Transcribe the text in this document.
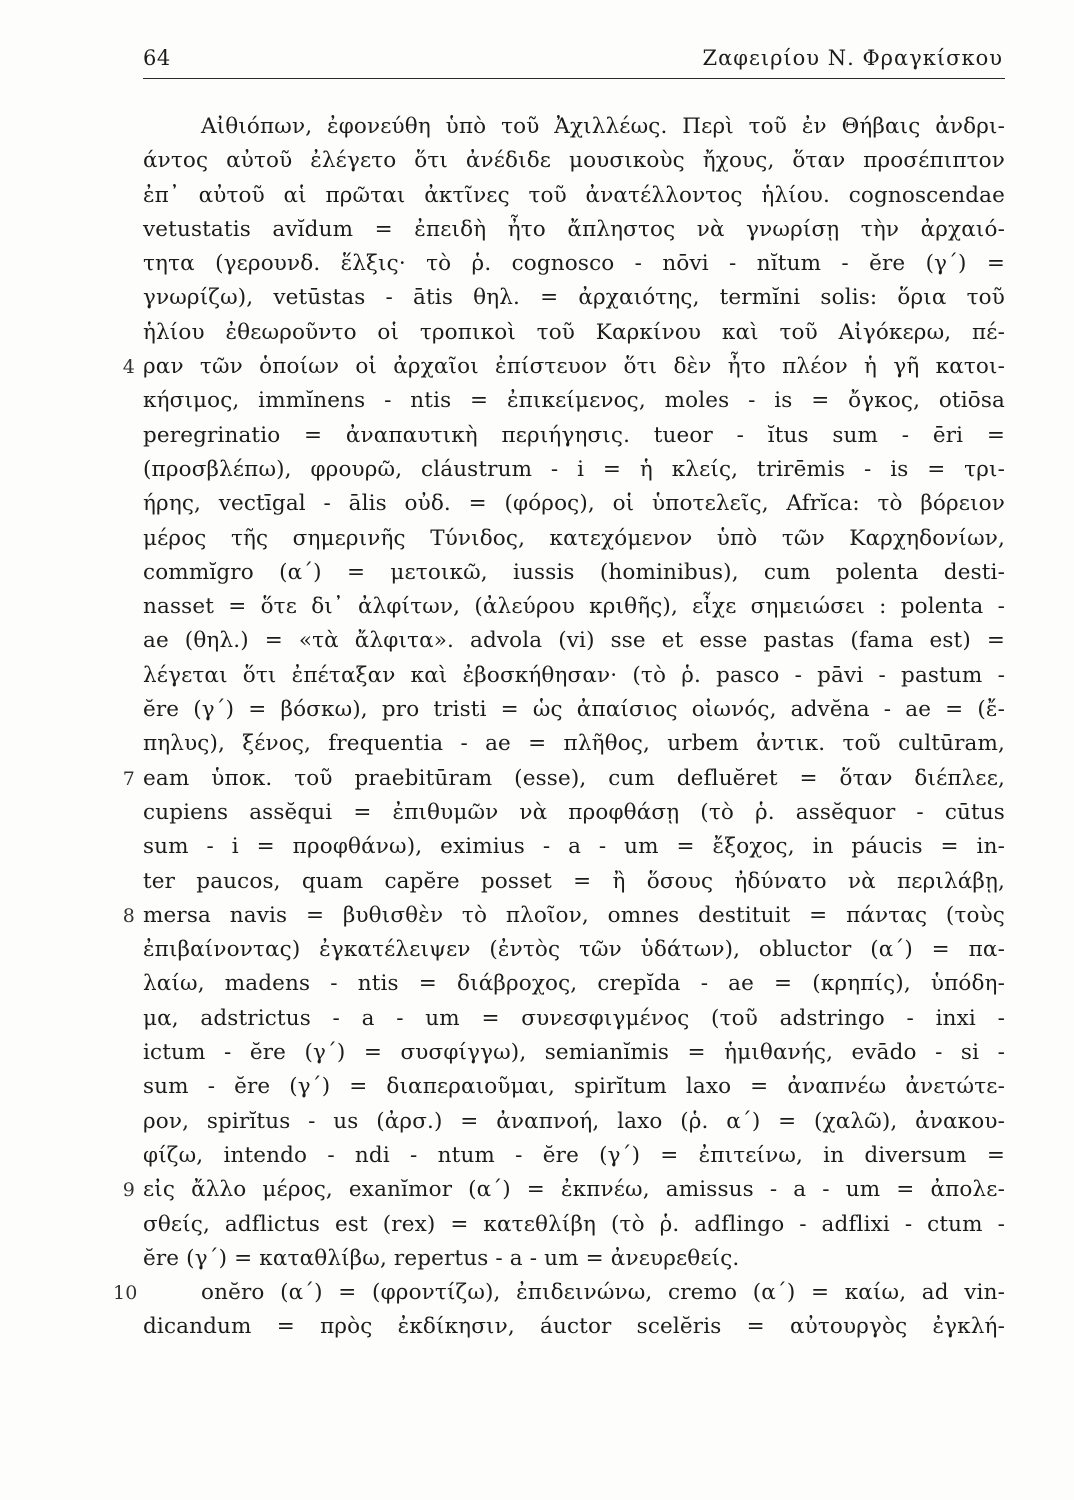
64	Ζαφειρίου Ν. Φραγκίσκου
Αἰθιόπων, ἐφονεύθη ὑπὸ τοῦ Ἀχιλλέως. Περὶ τοῦ ἐν Θήβαις ἀνδρι-
άντος αὐτοῦ ἐλέγετο ὅτι ἀνέδιδε μουσικοὺς ἤχους, ὅταν προσέπιπτον
ἐπ᾽ αὐτοῦ αἱ πρῶται ἀκτῖνες τοῦ ἀνατέλλοντος ἡλίου. cognoscendae
vetustatis avĭdum = ἐπειδὴ ἦτο ἄπληστος νὰ γνωρίσῃ τὴν ἀρχαιό-
τητα (γερουνδ. ἕλξις· τὸ ῥ. cognosco - nōvi - nĭtum - ĕre (γ΄) =
γνωρίζω), vetūstas - ātis θηλ. = ἀρχαιότης, termĭni solis: ὅρια τοῦ
ἡλίου ἐθεωροῦντο οἱ τροπικοὶ τοῦ Καρκίνου καὶ τοῦ Αἰγόκερω, πέ-
4 ραν τῶν ὁποίων οἱ ἀρχαῖοι ἐπίστευον ὅτι δὲν ἦτο πλέον ἡ γῆ κατοι-
κήσιμος, immĭnens - ntis = ἐπικείμενος, moles - is = ὄγκος, otiōsa
peregrinatio = ἀναπαυτικὴ περιήγησις. tueor - ĭtus sum - ēri =
(προσβλέπω), φρουρῶ, cláustrum - i = ἡ κλείς, trirēmis - is = τρι-
ήρης, vectīgal - ālis οὐδ. = (φόρος), οἱ ὑποτελεῖς, Afrĭca: τὸ βόρειον
μέρος τῆς σημερινῆς Τύνιδος, κατεχόμενον ὑπὸ τῶν Καρχηδονίων,
commĭgro (α΄) = μετοικῶ, iussis (hominibus), cum polenta desti-
nasset = ὅτε δι᾽ ἀλφίτων, (ἀλεύρου κριθῆς), εἶχε σημειώσει : polenta -
ae (θηλ.) = «τὰ ἄλφιτα». advola (vi) sse et esse pastas (fama est) =
λέγεται ὅτι ἐπέταξαν καὶ ἐβοσκήθησαν· (τὸ ῥ. pasco - pāvi - pastum -
ĕre (γ΄) = βόσκω), pro tristi = ὡς ἀπαίσιος οἰωνός, advĕna - ae = (ἔ-
πηλυς), ξένος, frequentia - ae = πλῆθος, urbem ἀντικ. τοῦ cultūram,
7 eam ὑποκ. τοῦ praebitūram (esse), cum defluĕret = ὅταν διέπλεε,
cupiens assĕqui = ἐπιθυμῶν νὰ προφθάσῃ (τὸ ῥ. assĕquor - cūtus
sum - i = προφθάνω), eximius - a - um = ἔξοχος, in páucis = in-
ter paucos, quam capĕre posset = ἢ ὅσους ἠδύνατο νὰ περιλάβῃ,
8 mersa navis = βυθισθὲν τὸ πλοῖον, omnes destituit = πάντας (τοὺς
ἐπιβαίνοντας) ἐγκατέλειψεν (ἐντὸς τῶν ὑδάτων), obluctor (α΄) = πα-
λαίω, madens - ntis = διάβροχος, crepĭda - ae = (κρηπίς), ὑπόδη-
μα, adstrictus - a - um = συνεσφιγμένος (τοῦ adstringo - inxi -
ictum - ĕre (γ΄) = συσφίγγω), semianĭmis = ἡμιθανής, evādo - si -
sum - ĕre (γ΄) = διαπεραιοῦμαι, spirĭtum laxo = ἀναπνέω ἀνετώτε-
ρον, spirĭtus - us (ἀρσ.) = ἀναπνοή, laxo (ῥ. α΄) = (χαλῶ), ἀνακου-
φίζω, intendo - ndi - ntum - ĕre (γ΄) = ἐπιτείνω, in diversum =
9 εἰς ἄλλο μέρος, exanĭmor (α΄) = ἐκπνέω, amissus - a - um = ἀπολε-
σθείς, adflictus est (rex) = κατεθλίβη (τὸ ῥ. adflingo - adflixi - ctum -
ĕre (γ΄) = καταθλίβω, repertus - a - um = ἀνευρεθείς.
10	onĕro (α΄) = (φροντίζω), ἐπιδεινώνω, cremo (α΄) = καίω, ad vin-
dicandum = πρὸς ἐκδίκησιν, áuctor scelĕris = αὐτουργὸς ἐγκλή-
